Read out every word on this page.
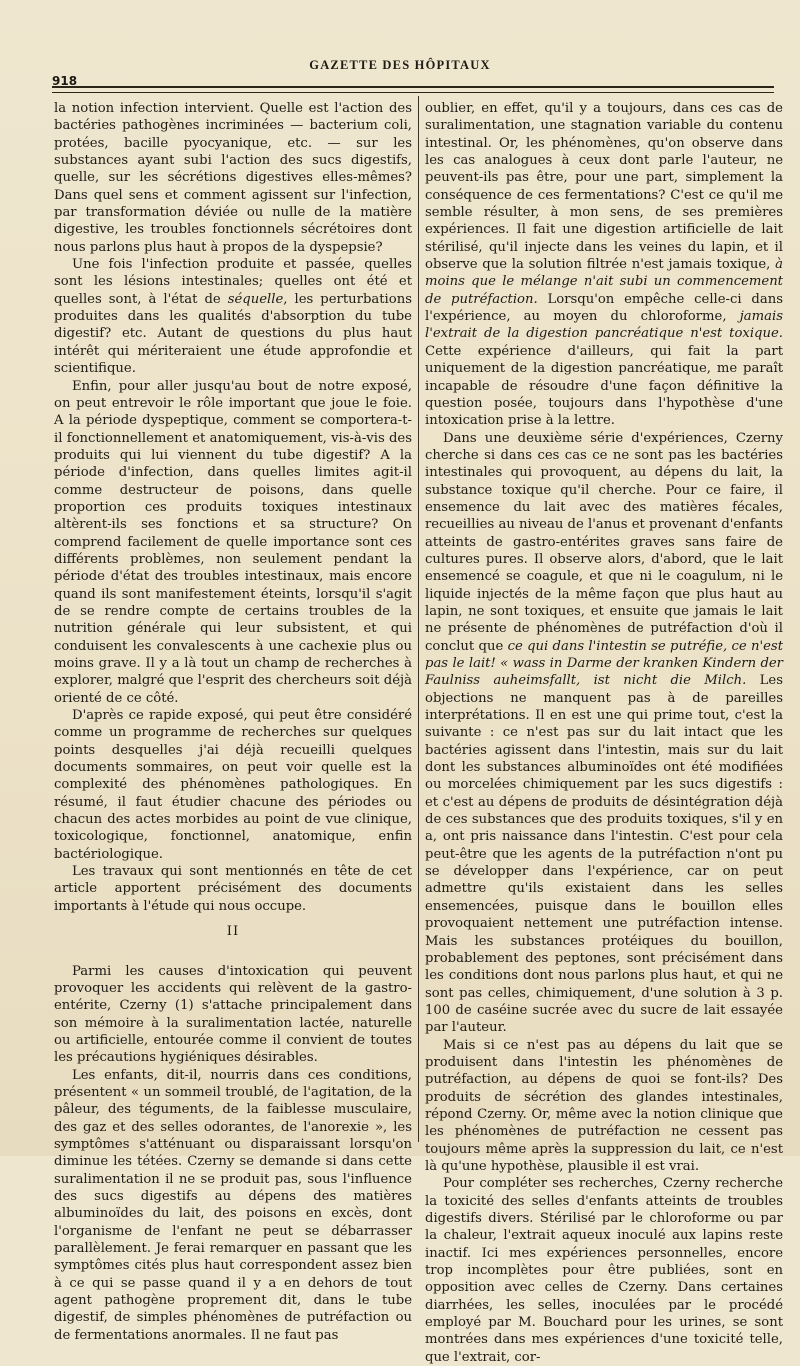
918
GAZETTE DES HÔPITAUX

la notion infection intervient. Quelle est l'action des bactéries pathogènes incriminées — bacterium coli, protées, bacille pyocyanique, etc. — sur les substances ayant subi l'action des sucs digestifs, quelle, sur les sécrétions digestives elles-mêmes? Dans quel sens et comment agissent sur l'infection, par transformation déviée ou nulle de la matière digestive, les troubles fonctionnels sécrétoires dont nous parlons plus haut à propos de la dyspepsie?

Une fois l'infection produite et passée, quelles sont les lésions intestinales; quelles ont été et quelles sont, à l'état de séquelle, les perturbations produites dans les qualités d'absorption du tube digestif? etc. Autant de questions du plus haut intérêt qui mériteraient une étude approfondie et scientifique.

Enfin, pour aller jusqu'au bout de notre exposé, on peut entrevoir le rôle important que joue le foie. A la période dyspeptique, comment se comportera-t-il fonctionnellement et anatomiquement, vis-à-vis des produits qui lui viennent du tube digestif? A la période d'infection, dans quelles limites agit-il comme destructeur de poisons, dans quelle proportion ces produits toxiques intestinaux altèrent-ils ses fonctions et sa structure? On comprend facilement de quelle importance sont ces différents problèmes, non seulement pendant la période d'état des troubles intestinaux, mais encore quand ils sont manifestement éteints, lorsqu'il s'agit de se rendre compte de certains troubles de la nutrition générale qui leur subsistent, et qui conduisent les convalescents à une cachexie plus ou moins grave. Il y a là tout un champ de recherches à explorer, malgré que l'esprit des chercheurs soit déjà orienté de ce côté.

D'après ce rapide exposé, qui peut être considéré comme un programme de recherches sur quelques points desquelles j'ai déjà recueilli quelques documents sommaires, on peut voir quelle est la complexité des phénomènes pathologiques. En résumé, il faut étudier chacune des périodes ou chacun des actes morbides au point de vue clinique, toxicologique, fonctionnel, anatomique, enfin bactériologique.

Les travaux qui sont mentionnés en tête de cet article apportent précisément des documents importants à l'étude qui nous occupe.

II

Parmi les causes d'intoxication qui peuvent provoquer les accidents qui relèvent de la gastro-entérite, Czerny (1) s'attache principalement dans son mémoire à la suralimentation lactée, naturelle ou artificielle, entourée comme il convient de toutes les précautions hygiéniques désirables.

Les enfants, dit-il, nourris dans ces conditions, présentent « un sommeil troublé, de l'agitation, de la pâleur, des téguments, de la faiblesse musculaire, des gaz et des selles odorantes, de l'anorexie », les symptômes s'atténuant ou disparaissant lorsqu'on diminue les tétées. Czerny se demande si dans cette suralimentation il ne se produit pas, sous l'influence des sucs digestifs au dépens des matières albuminoïdes du lait, des poisons en excès, dont l'organisme de l'enfant ne peut se débarrasser parallèlement. Je ferai remarquer en passant que les symptômes cités plus haut correspondent assez bien à ce qui se passe quand il y a en dehors de tout agent pathogène proprement dit, dans le tube digestif, de simples phénomènes de putréfaction ou de fermentations anormales. Il ne faut pas

oublier, en effet, qu'il y a toujours, dans ces cas de suralimentation, une stagnation variable du contenu intestinal. Or, les phénomènes, qu'on observe dans les cas analogues à ceux dont parle l'auteur, ne peuvent-ils pas être, pour une part, simplement la conséquence de ces fermentations? C'est ce qu'il me semble résulter, à mon sens, de ses premières expériences. Il fait une digestion artificielle de lait stérilisé, qu'il injecte dans les veines du lapin, et il observe que la solution filtrée n'est jamais toxique, à moins que le mélange n'ait subi un commencement de putréfaction. Lorsqu'on empêche celle-ci dans l'expérience, au moyen du chloroforme, jamais l'extrait de la digestion pancréatique n'est toxique. Cette expérience d'ailleurs, qui fait la part uniquement de la digestion pancréatique, me paraît incapable de résoudre d'une façon définitive la question posée, toujours dans l'hypothèse d'une intoxication prise à la lettre.

Dans une deuxième série d'expériences, Czerny cherche si dans ces cas ce ne sont pas les bactéries intestinales qui provoquent, au dépens du lait, la substance toxique qu'il cherche. Pour ce faire, il ensemence du lait avec des matières fécales, recueillies au niveau de l'anus et provenant d'enfants atteints de gastro-entérites graves sans faire de cultures pures. Il observe alors, d'abord, que le lait ensemencé se coagule, et que ni le coagulum, ni le liquide injectés de la même façon que plus haut au lapin, ne sont toxiques, et ensuite que jamais le lait ne présente de phénomènes de putréfaction d'où il conclut que ce qui dans l'intestin se putréfie, ce n'est pas le lait! « wass in Darme der kranken Kindern der Faulniss auheimsfallt, ist nicht die Milch. Les objections ne manquent pas à de pareilles interprétations. Il en est une qui prime tout, c'est la suivante : ce n'est pas sur du lait intact que les bactéries agissent dans l'intestin, mais sur du lait dont les substances albuminoïdes ont été modifiées ou morcelées chimiquement par les sucs digestifs : et c'est au dépens de produits de désintégration déjà de ces substances que des produits toxiques, s'il y en a, ont pris naissance dans l'intestin. C'est pour cela peut-être que les agents de la putréfaction n'ont pu se développer dans l'expérience, car on peut admettre qu'ils existaient dans les selles ensemencées, puisque dans le bouillon elles provoquaient nettement une putréfaction intense. Mais les substances protéiques du bouillon, probablement des peptones, sont précisément dans les conditions dont nous parlons plus haut, et qui ne sont pas celles, chimiquement, d'une solution à 3 p. 100 de caséine sucrée avec du sucre de lait essayée par l'auteur.

Mais si ce n'est pas au dépens du lait que se produisent dans l'intestin les phénomènes de putréfaction, au dépens de quoi se font-ils? Des produits de sécrétion des glandes intestinales, répond Czerny. Or, même avec la notion clinique que les phénomènes de putréfaction ne cessent pas toujours même après la suppression du lait, ce n'est là qu'une hypothèse, plausible il est vrai.

Pour compléter ses recherches, Czerny recherche la toxicité des selles d'enfants atteints de troubles digestifs divers. Stérilisé par le chloroforme ou par la chaleur, l'extrait aqueux inoculé aux lapins reste inactif. Ici mes expériences personnelles, encore trop incomplètes pour être publiées, sont en opposition avec celles de Czerny. Dans certaines diarrhées, les selles, inoculées par le procédé employé par M. Bouchard pour les urines, se sont montrées dans mes expériences d'une toxicité telle, que l'extrait, cor-
